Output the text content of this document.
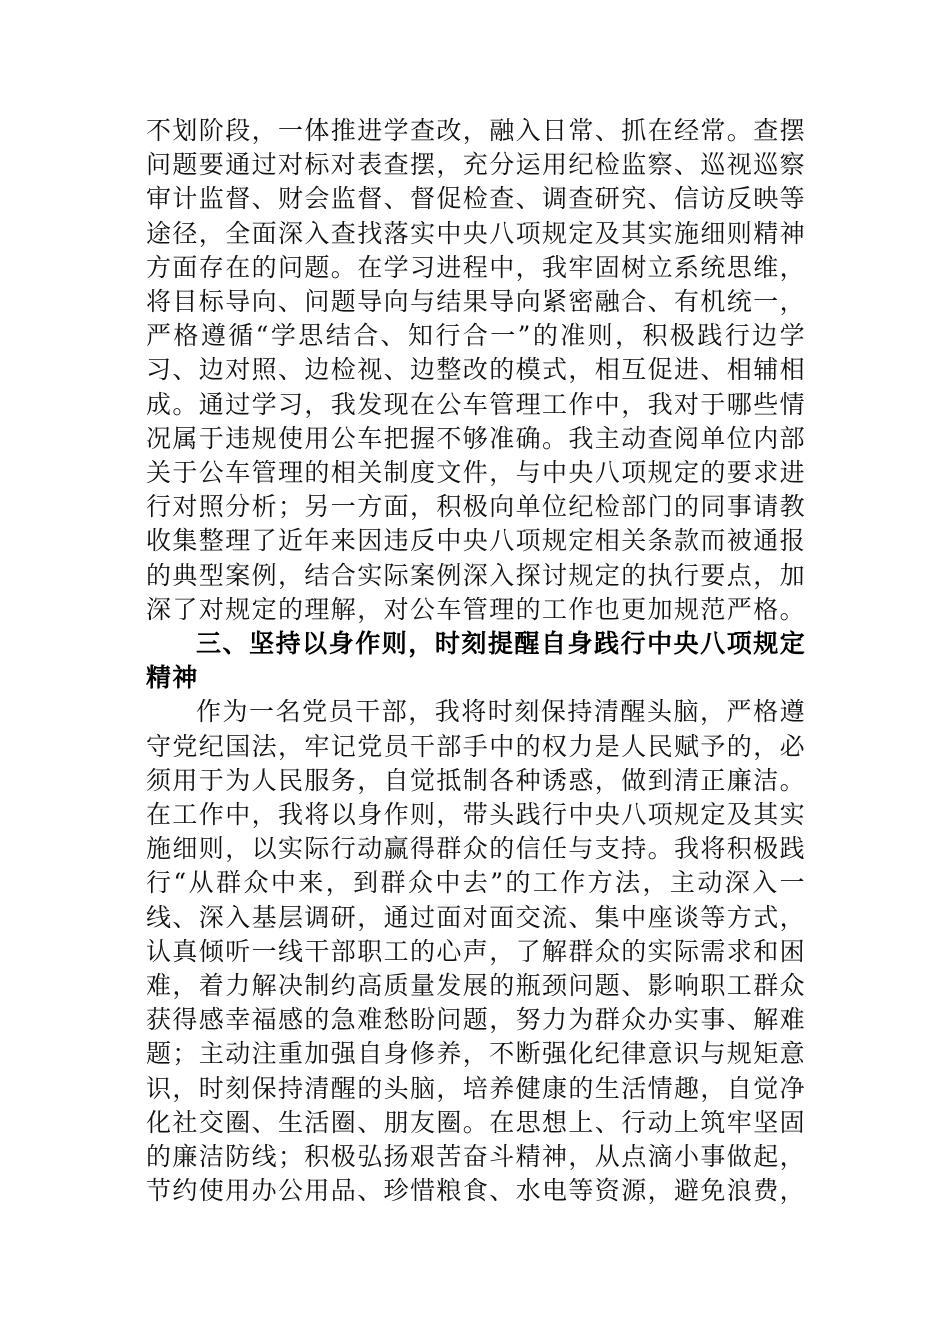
不划阶段，一体推进学查改，融入日常、抓在经常。查摆问题要通过对标对表查摆，充分运用纪检监察、巡视巡察审计监督、财会监督、督促检查、调查研究、信访反映等途径，全面深入查找落实中央八项规定及其实施细则精神方面存在的问题。在学习进程中，我牢固树立系统思维，将目标导向、问题导向与结果导向紧密融合、有机统一，严格遵循“学思结合、知行合一”的准则，积极践行边学习、边对照、边检视、边整改的模式，相互促进、相辅相成。通过学习，我发现在公车管理工作中，我对于哪些情况属于违规使用公车把握不够准确。我主动查阅单位内部关于公车管理的相关制度文件，与中央八项规定的要求进行对照分析；另一方面，积极向单位纪检部门的同事请教收集整理了近年来因违反中央八项规定相关条款而被通报的典型案例，结合实际案例深入探讨规定的执行要点，加深了对规定的理解，对公车管理的工作也更加规范严格。

三、坚持以身作则，时刻提醒自身践行中央八项规定精神

作为一名党员干部，我将时刻保持清醒头脑，严格遵守党纪国法，牢记党员干部手中的权力是人民赋予的，必须用于为人民服务，自觉抵制各种诱惑，做到清正廉洁。在工作中，我将以身作则，带头践行中央八项规定及其实施细则，以实际行动赢得群众的信任与支持。我将积极践行“从群众中来，到群众中去”的工作方法，主动深入一线、深入基层调研，通过面对面交流、集中座谈等方式，认真倾听一线干部职工的心声，了解群众的实际需求和困难，着力解决制约高质量发展的瓶颈问题、影响职工群众获得感幸福感的急难愁盼问题，努力为群众办实事、解难题；主动注重加强自身修养，不断强化纪律意识与规矩意识，时刻保持清醒的头脑，培养健康的生活情趣，自觉净化社交圈、生活圈、朋友圈。在思想上、行动上筑牢坚固的廉洁防线；积极弘扬艰苦奋斗精神，从点滴小事做起，节约使用办公用品、珍惜粮食、水电等资源，避免浪费，
